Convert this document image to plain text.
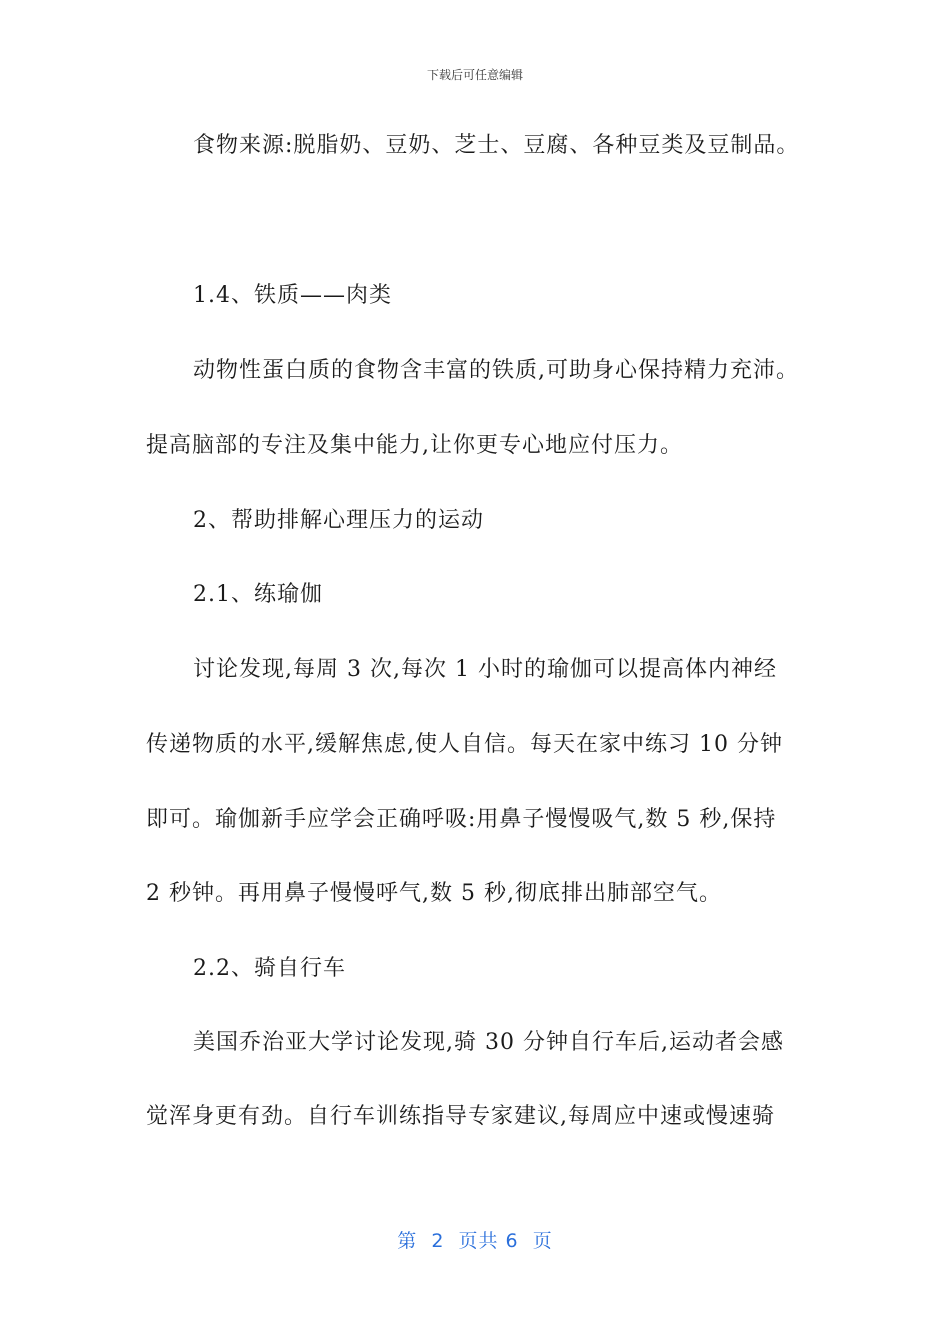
下载后可任意编辑
食物来源:脱脂奶、豆奶、芝士、豆腐、各种豆类及豆制品。
1.4、铁质——肉类
动物性蛋白质的食物含丰富的铁质,可助身心保持精力充沛。
提高脑部的专注及集中能力,让你更专心地应付压力。
2、帮助排解心理压力的运动
2.1、练瑜伽
讨论发现,每周 3 次,每次 1 小时的瑜伽可以提高体内神经
传递物质的水平,缓解焦虑,使人自信。每天在家中练习 10 分钟
即可。瑜伽新手应学会正确呼吸:用鼻子慢慢吸气,数 5 秒,保持
2 秒钟。再用鼻子慢慢呼气,数 5 秒,彻底排出肺部空气。
2.2、骑自行车
美国乔治亚大学讨论发现,骑 30 分钟自行车后,运动者会感
觉浑身更有劲。自行车训练指导专家建议,每周应中速或慢速骑
第  2  页共 6  页
